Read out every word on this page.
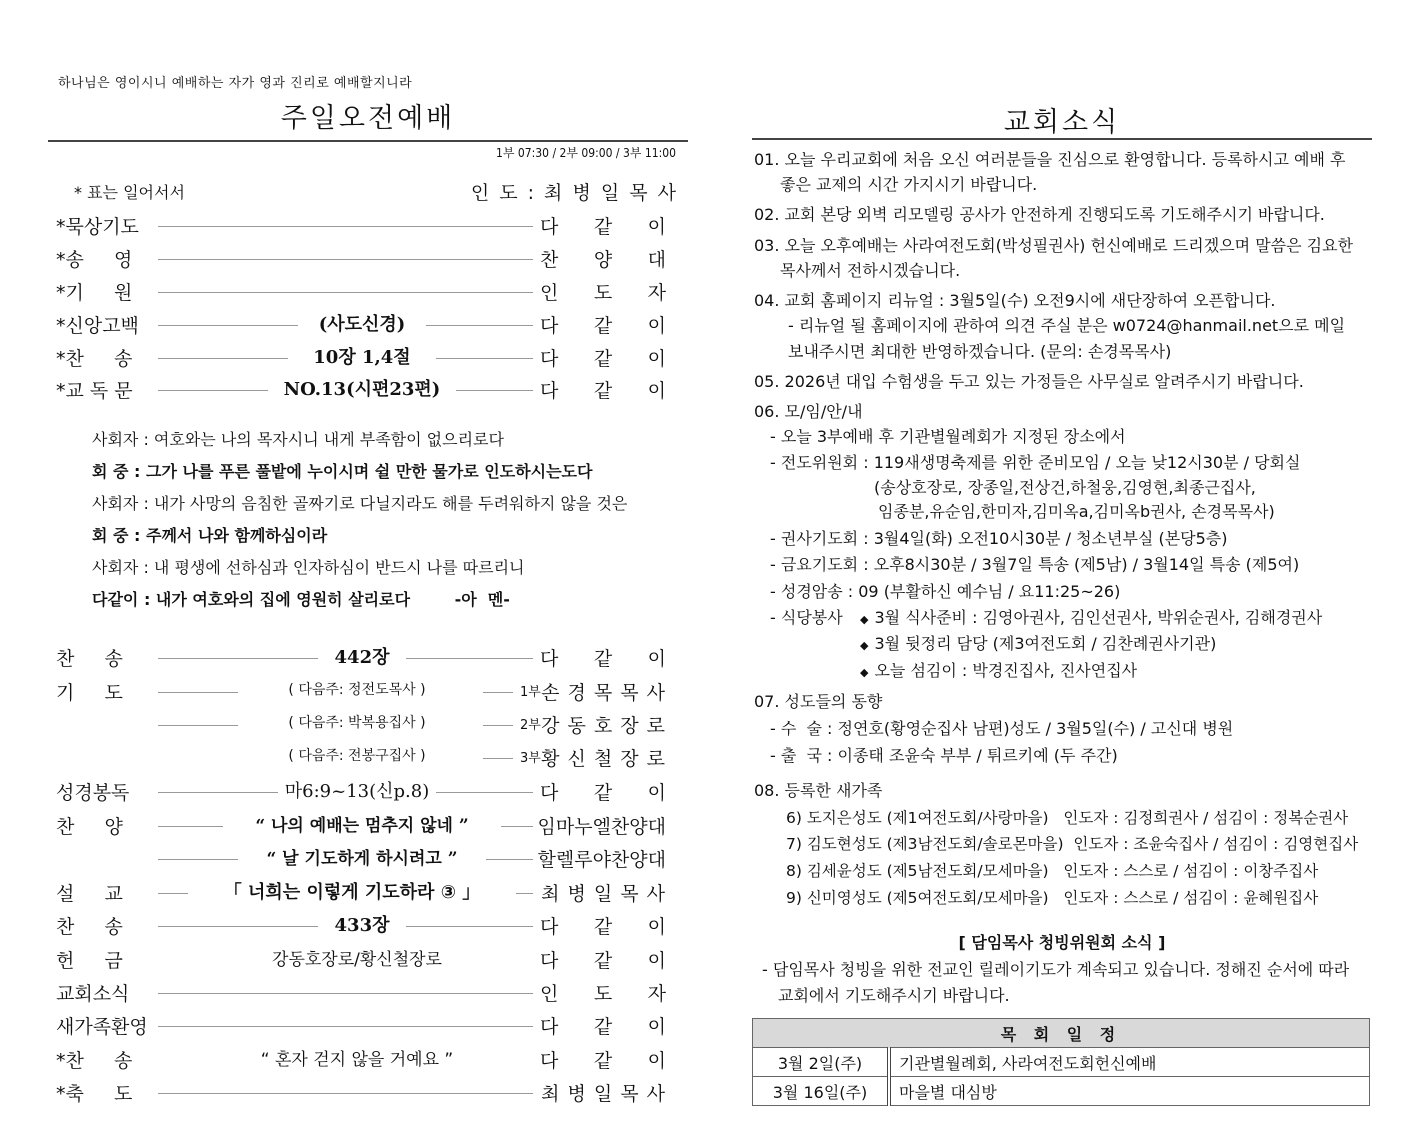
하나님은 영이시니 예배하는 자가 영과 진리로 예배할지니라
주일오전예배
1부 07:30 / 2부 09:00 / 3부 11:00
* 표는 일어서서	인 도 : 최 병 일 목 사
*묵상기도	다 같 이
*송     영	찬 양 대
*기     원	인 도 자
*신앙고백	(사도신경)	다 같 이
*찬     송	10장 1,4절	다 같 이
*교 독 문	NO.13(시편23편)	다 같 이
사회자 : 여호와는 나의 목자시니 내게 부족함이 없으리로다
회 중 : 그가 나를 푸른 풀밭에 누이시며 쉴 만한 물가로 인도하시는도다
사회자 : 내가 사망의 음침한 골짜기로 다닐지라도 해를 두려워하지 않을 것은
회 중 : 주께서 나와 함께하심이라
사회자 : 내 평생에 선하심과 인자하심이 반드시 나를 따르리니
다같이 : 내가 여호와의 집에 영원히 살리로다        -아  멘-
찬     송	442장	다 같 이
기     도	( 다음주: 정전도목사 )	1부 손 경 목 목 사
( 다음주: 박복용집사 )	2부 강 동 호 장 로
( 다음주: 전봉구집사 )	3부 황 신 철 장 로
성경봉독	마6:9~13(신p.8)	다 같 이
찬     양	“ 나의 예배는 멈추지 않네 ”	임마누엘찬양대
“ 날 기도하게 하시려고 ”	할렐루야찬양대
설     교	「 너희는 이렇게 기도하라 ③ 」	최 병 일 목 사
찬     송	433장	다 같 이
헌     금	강동호장로/황신철장로	다 같 이
교회소식	인 도 자
새가족환영	다 같 이
*찬     송	“ 혼자 걷지 않을 거예요 ”	다 같 이
*축     도	최 병 일 목 사
교회소식
01. 오늘 우리교회에 처음 오신 여러분들을 진심으로 환영합니다. 등록하시고 예배 후
좋은 교제의 시간 가지시기 바랍니다.
02. 교회 본당 외벽 리모델링 공사가 안전하게 진행되도록 기도해주시기 바랍니다.
03. 오늘 오후예배는 사라여전도회(박성필권사) 헌신예배로 드리겠으며 말씀은 김요한
목사께서 전하시겠습니다.
04. 교회 홈페이지 리뉴얼 : 3월5일(수) 오전9시에 새단장하여 오픈합니다.
- 리뉴얼 될 홈페이지에 관하여 의견 주실 분은 w0724@hanmail.net으로 메일
보내주시면 최대한 반영하겠습니다. (문의: 손경목목사)
05. 2026년 대입 수험생을 두고 있는 가정들은 사무실로 알려주시기 바랍니다.
06. 모/임/안/내
- 오늘 3부예배 후 기관별월례회가 지정된 장소에서
- 전도위원회 : 119새생명축제를 위한 준비모임 / 오늘 낮12시30분 / 당회실
(송상호장로, 장종일,전상건,하철웅,김영현,최종근집사,
임종분,유순임,한미자,김미옥a,김미옥b권사, 손경목목사)
- 권사기도회 : 3월4일(화) 오전10시30분 / 청소년부실 (본당5층)
- 금요기도회 : 오후8시30분 / 3월7일 특송 (제5남) / 3월14일 특송 (제5여)
- 성경암송 : 09 (부활하신 예수님 / 요11:25~26)
- 식당봉사 ◆ 3월 식사준비 : 김영아권사, 김인선권사, 박위순권사, 김해경권사
◆ 3월 뒷정리 담당 (제3여전도회 / 김찬례권사기관)
◆ 오늘 섬김이 : 박경진집사, 진사연집사
07. 성도들의 동향
- 수  술 : 정연호(황영순집사 남편)성도 / 3월5일(수) / 고신대 병원
- 출  국 : 이종태 조윤숙 부부 / 튀르키예 (두 주간)
08. 등록한 새가족
6) 도지은성도 (제1여전도회/사랑마을)   인도자 : 김정희권사 / 섬김이 : 정복순권사
7) 김도현성도 (제3남전도회/솔로몬마을)  인도자 : 조윤숙집사 / 섬김이 : 김영현집사
8) 김세윤성도 (제5남전도회/모세마을)   인도자 : 스스로 / 섬김이 : 이창주집사
9) 신미영성도 (제5여전도회/모세마을)   인도자 : 스스로 / 섬김이 : 윤혜원집사
[ 담임목사 청빙위원회 소식 ]
- 담임목사 청빙을 위한 전교인 릴레이기도가 계속되고 있습니다. 정해진 순서에 따라
교회에서 기도해주시기 바랍니다.
목 회 일 정	
3월 2일(주)	기관별월례회, 사라여전도회헌신예배
3월 16일(주)	마을별 대심방
